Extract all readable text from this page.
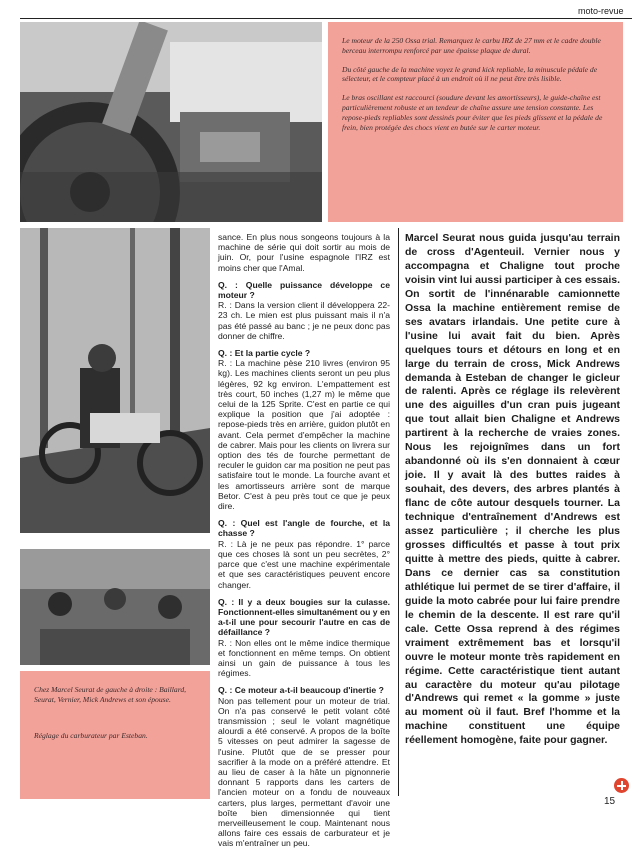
moto-revue

Le moteur de la 250 Ossa trial. Remarquez le carbu IRZ de 27 mm et le cadre double berceau interrompu renforcé par une épaisse plaque de dural.

Du côté gauche de la machine voyez le grand kick repliable, la minuscule pédale de sélecteur, et le compteur placé à un endroit où il ne peut être très lisible.

Le bras oscillant est raccourci (soudure devant les amortisseurs), le guide-chaîne est particulièrement robuste et un tendeur de chaîne assure une tension constante. Les repose-pieds repliables sont dessinés pour éviter que les pieds glissent et la pédale de frein, bien protégée des chocs vient en butée sur le carter moteur.

Chez Marcel Seurat de gauche à droite : Baillard, Seurat, Vernier, Mick Andrews et son épouse.

Réglage du carburateur par Esteban.

sance. En plus nous songeons toujours à la machine de série qui doit sortir au mois de juin. Or, pour l'usine espagnole l'IRZ est moins cher que l'Amal.

Q. : Quelle puissance développe ce moteur ?

R. : Dans la version client il développera 22-23 ch. Le mien est plus puissant mais il n'a pas été passé au banc ; je ne peux donc pas donner de chiffre.

Q. : Et la partie cycle ?

R. : La machine pèse 210 livres (environ 95 kg). Les machines clients seront un peu plus légères, 92 kg environ. L'empattement est très court, 50 inches (1,27 m) le même que celui de la 125 Sprite. C'est en partie ce qui explique la position que j'ai adoptée : repose-pieds très en arrière, guidon plutôt en avant. Cela permet d'empêcher la machine de cabrer. Mais pour les clients on livrera sur option des tés de fourche permettant de reculer le guidon car ma position ne peut pas satisfaire tout le monde. La fourche avant et les amortisseurs arrière sont de marque Betor. C'est à peu près tout ce que je peux dire.

Q. : Quel est l'angle de fourche, et la chasse ?

R. : Là je ne peux pas répondre. 1° parce que ces choses là sont un peu secrètes, 2° parce que c'est une machine expérimentale et que ses caractéristiques peuvent encore changer.

Q. : Il y a deux bougies sur la culasse. Fonctionnent-elles simultanément ou y en a-t-il une pour secourir l'autre en cas de défaillance ?

R. : Non elles ont le même indice thermique et fonctionnent en même temps. On obtient ainsi un gain de puissance à tous les régimes.

Q. : Ce moteur a-t-il beaucoup d'inertie ?

Non pas tellement pour un moteur de trial. On n'a pas conservé le petit volant côté transmission ; seul le volant magnétique alourdi a été conservé. A propos de la boîte 5 vitesses on peut admirer la sagesse de l'usine. Plutôt que de se presser pour sacrifier à la mode on a préféré attendre. Et au lieu de caser à la hâte un pignonnerie donnant 5 rapports dans les carters de l'ancien moteur on a fondu de nouveaux carters, plus larges, permettant d'avoir une boîte bien dimensionnée qui tient merveilleusement le coup. Maintenant nous allons faire ces essais de carburateur et je vais m'entraîner un peu.

Marcel Seurat nous guida jusqu'au terrain de cross d'Agenteuil. Vernier nous y accompagna et Chaligne tout proche voisin vint lui aussi participer à ces essais. On sortit de l'innénarable camionnette Ossa la machine entièrement remise de ses avatars irlandais. Une petite cure à l'usine lui avait fait du bien. Après quelques tours et détours en long et en large du terrain de cross, Mick Andrews demanda à Esteban de changer le gicleur de ralenti. Après ce réglage ils relevèrent une des aiguilles d'un cran puis jugeant que tout allait bien Chaligne et Andrews partirent à la recherche de vraies zones. Nous les rejoignîmes dans un fort abandonné où ils s'en donnaient à cœur joie. Il y avait là des buttes raides à souhait, des devers, des arbres plantés à flanc de côte autour desquels tourner. La technique d'entraînement d'Andrews est assez particulière ; il cherche les plus grosses difficultés et passe à tout prix quitte à mettre des pieds, quitte à cabrer. Dans ce dernier cas sa constitution athlétique lui permet de se tirer d'affaire, il guide la moto cabrée pour lui faire prendre le chemin de la descente. Il est rare qu'il cale. Cette Ossa reprend à des régimes vraiment extrêmement bas et lorsqu'il ouvre le moteur monte très rapidement en régime. Cette caractéristique tient autant au caractère du moteur qu'au pilotage d'Andrews qui remet « la gomme » juste au moment où il faut. Bref l'homme et la machine constituent une équipe réellement homogène, faite pour gagner.
15
